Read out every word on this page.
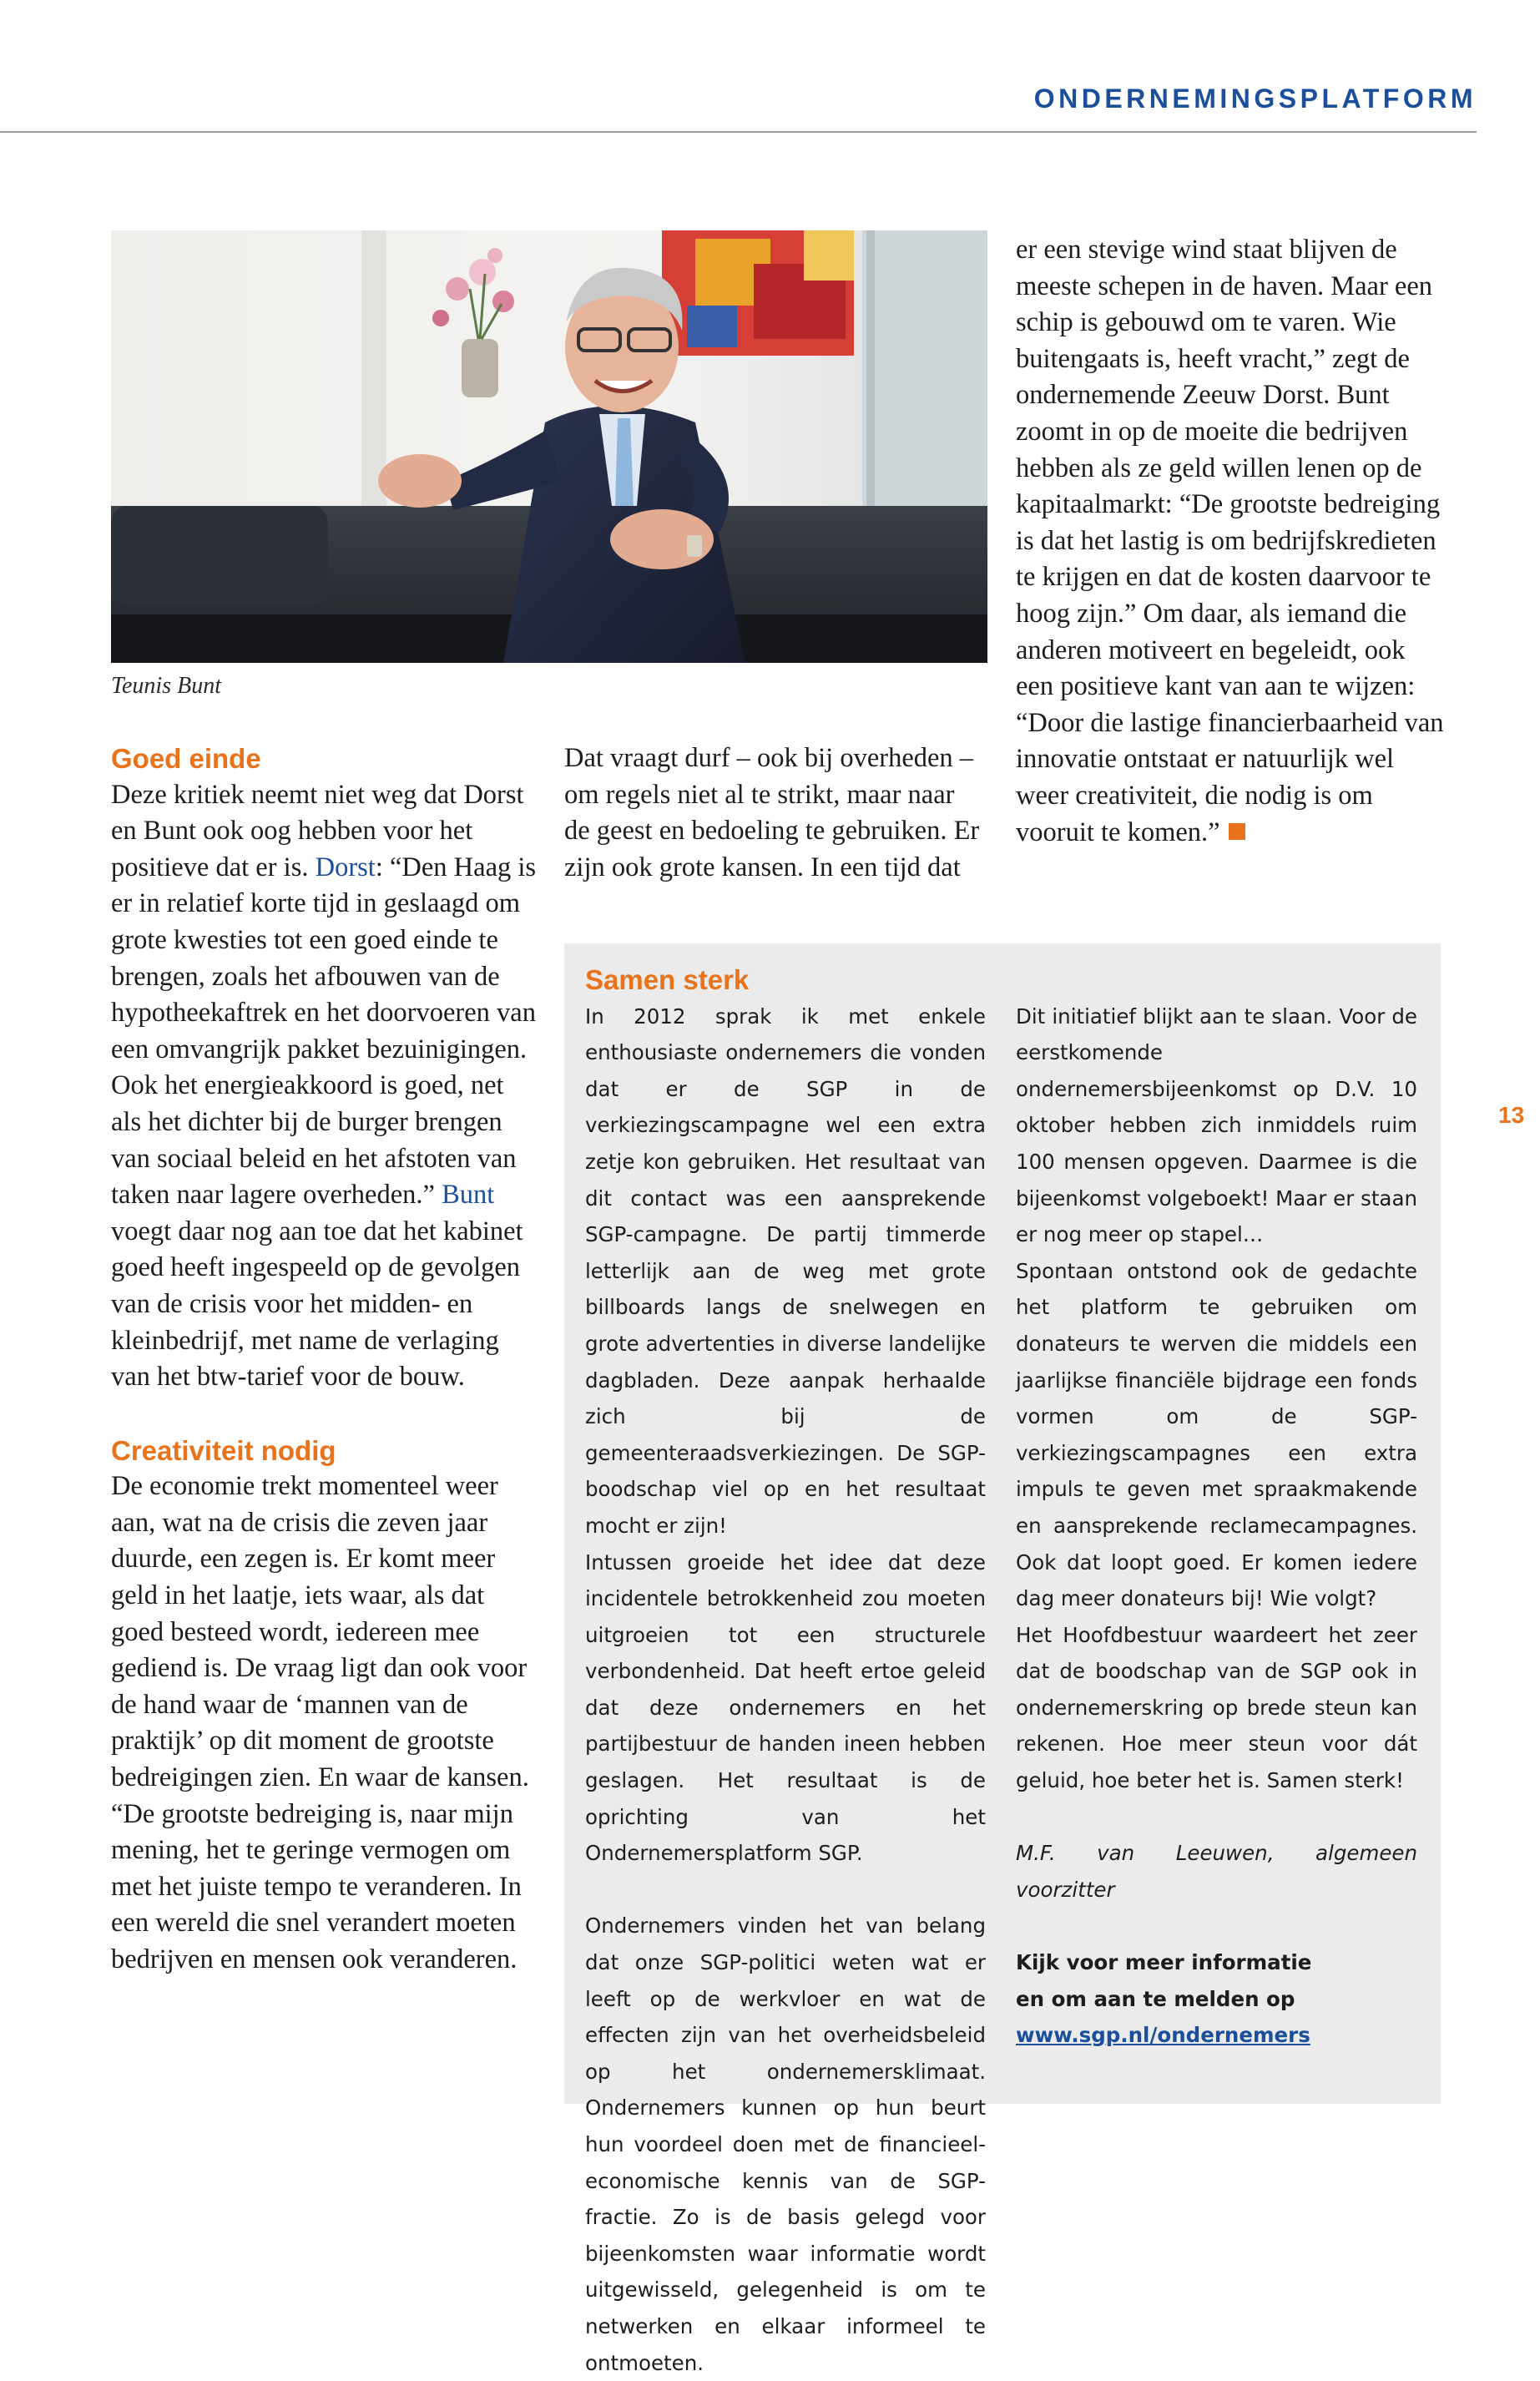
ONDERNEMINGSPLATFORM
Teunis Bunt

Goed einde

Deze kritiek neemt niet weg dat Dorst en Bunt ook oog hebben voor het positieve dat er is. Dorst: “Den Haag is er in relatief korte tijd in geslaagd om grote kwesties tot een goed einde te brengen, zoals het afbouwen van de hypotheekaftrek en het doorvoeren van een omvangrijk pakket bezuinigingen. Ook het energieakkoord is goed, net als het dichter bij de burger brengen van sociaal beleid en het afstoten van taken naar lagere overheden.” Bunt voegt daar nog aan toe dat het kabinet goed heeft ingespeeld op de gevolgen van de crisis voor het midden- en kleinbedrijf, met name de verlaging van het btw-tarief voor de bouw.

Creativiteit nodig

De economie trekt momenteel weer aan, wat na de crisis die zeven jaar duurde, een zegen is. Er komt meer geld in het laatje, iets waar, als dat goed besteed wordt, iedereen mee gediend is. De vraag ligt dan ook voor de hand waar de ‘mannen van de praktijk’ op dit moment de grootste bedreigingen zien. En waar de kansen.

“De grootste bedreiging is, naar mijn mening, het te geringe vermogen om met het juiste tempo te veranderen. In een wereld die snel verandert moeten bedrijven en mensen ook veranderen.

Dat vraagt durf – ook bij overheden – om regels niet al te strikt, maar naar de geest en bedoeling te gebruiken. Er zijn ook grote kansen. In een tijd dat

er een stevige wind staat blijven de meeste schepen in de haven. Maar een schip is gebouwd om te varen. Wie buitengaats is, heeft vracht,” zegt de ondernemende Zeeuw Dorst. Bunt zoomt in op de moeite die bedrijven hebben als ze geld willen lenen op de kapitaalmarkt: “De grootste bedreiging is dat het lastig is om bedrijfskredieten te krijgen en dat de kosten daarvoor te hoog zijn.” Om daar, als iemand die anderen motiveert en begeleidt, ook een positieve kant van aan te wijzen: “Door die lastige financierbaarheid van innovatie ontstaat er natuurlijk wel weer creativiteit, die nodig is om vooruit te komen.”

Samen sterk

In 2012 sprak ik met enkele enthousiaste ondernemers die vonden dat er de SGP in de verkiezingscampagne wel een extra zetje kon gebruiken. Het resultaat van dit contact was een aansprekende SGP-campagne. De partij timmerde letterlijk aan de weg met grote billboards langs de snelwegen en grote advertenties in diverse landelijke dagbladen. Deze aanpak herhaalde zich bij de gemeenteraadsverkiezingen. De SGP-boodschap viel op en het resultaat mocht er zijn!

Intussen groeide het idee dat deze incidentele betrokkenheid zou moeten uitgroeien tot een structurele verbondenheid. Dat heeft ertoe geleid dat deze ondernemers en het partijbestuur de handen ineen hebben geslagen. Het resultaat is de oprichting van het Ondernemersplatform SGP.

Ondernemers vinden het van belang dat onze SGP-politici weten wat er leeft op de werkvloer en wat de effecten zijn van het overheidsbeleid op het ondernemersklimaat. Ondernemers kunnen op hun beurt hun voordeel doen met de financieel-economische kennis van de SGP-fractie. Zo is de basis gelegd voor bijeenkomsten waar informatie wordt uitgewisseld, gelegenheid is om te netwerken en elkaar informeel te ontmoeten.

Dit initiatief blijkt aan te slaan. Voor de eerstkomende ondernemersbijeenkomst op D.V. 10 oktober hebben zich inmiddels ruim 100 mensen opgeven. Daarmee is die bijeenkomst volgeboekt! Maar er staan er nog meer op stapel…

Spontaan ontstond ook de gedachte het platform te gebruiken om donateurs te werven die middels een jaarlijkse financiële bijdrage een fonds vormen om de SGP-verkiezingscampagnes een extra impuls te geven met spraakmakende en aansprekende reclamecampagnes. Ook dat loopt goed. Er komen iedere dag meer donateurs bij! Wie volgt?

Het Hoofdbestuur waardeert het zeer dat de boodschap van de SGP ook in ondernemerskring op brede steun kan rekenen. Hoe meer steun voor dát geluid, hoe beter het is. Samen sterk!

M.F. van Leeuwen, algemeen voorzitter

Kijk voor meer informatie

en om aan te melden op

www.sgp.nl/ondernemers

13
